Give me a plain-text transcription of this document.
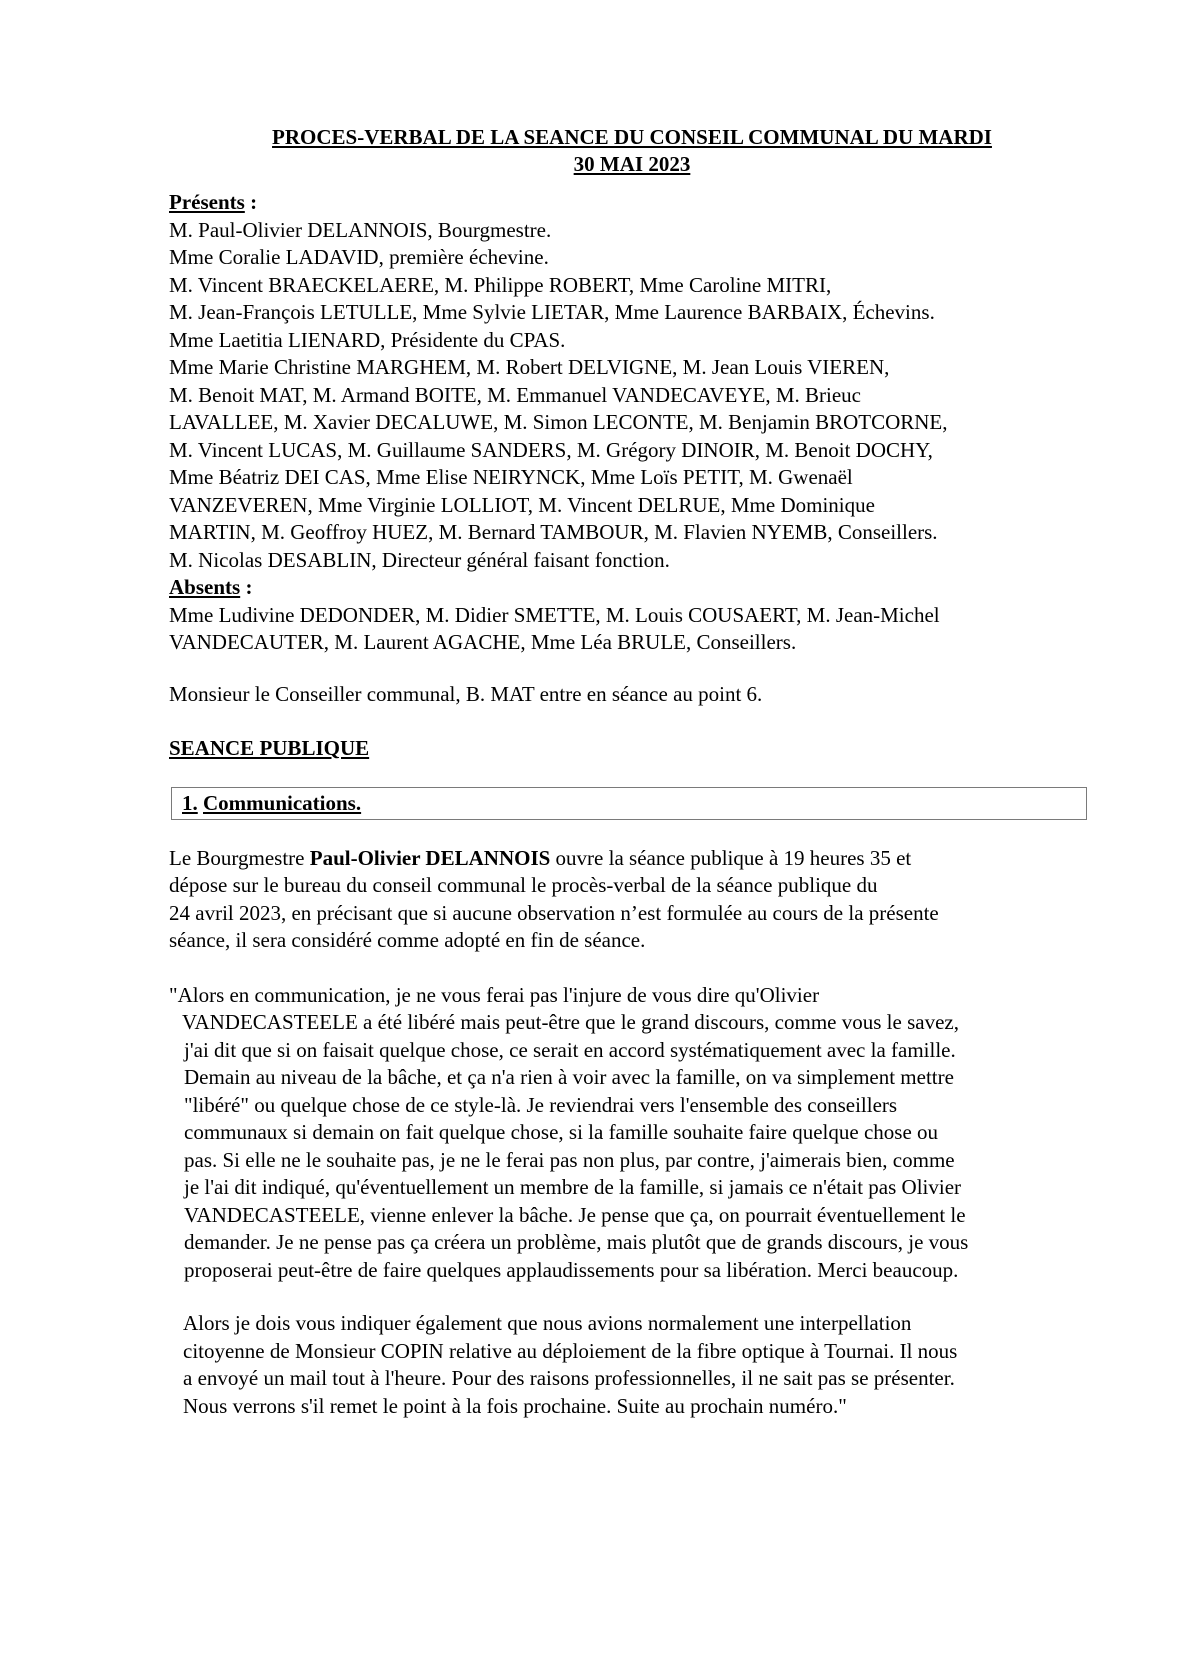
PROCES-VERBAL DE LA SEANCE DU CONSEIL COMMUNAL DU MARDI
30 MAI 2023
Présents :
M. Paul-Olivier DELANNOIS, Bourgmestre.
Mme Coralie LADAVID, première échevine.
M. Vincent BRAECKELAERE, M. Philippe ROBERT, Mme Caroline MITRI,
M. Jean-François LETULLE, Mme Sylvie LIETAR, Mme Laurence BARBAIX, Échevins.
Mme Laetitia LIENARD, Présidente du CPAS.
Mme Marie Christine MARGHEM, M. Robert DELVIGNE, M. Jean Louis VIEREN,
M. Benoit MAT, M. Armand BOITE, M. Emmanuel VANDECAVEYE, M. Brieuc
LAVALLEE, M. Xavier DECALUWE, M. Simon LECONTE, M. Benjamin BROTCORNE,
M. Vincent LUCAS, M. Guillaume SANDERS, M. Grégory DINOIR, M. Benoit DOCHY,
Mme Béatriz DEI CAS, Mme Elise NEIRYNCK, Mme Loïs PETIT, M. Gwenaël
VANZEVEREN, Mme Virginie LOLLIOT, M. Vincent DELRUE, Mme Dominique
MARTIN, M. Geoffroy HUEZ, M. Bernard TAMBOUR, M. Flavien NYEMB, Conseillers.
M. Nicolas DESABLIN, Directeur général faisant fonction.
Absents :
Mme Ludivine DEDONDER, M. Didier SMETTE, M. Louis COUSAERT, M. Jean-Michel
VANDECAUTER, M. Laurent AGACHE, Mme Léa BRULE, Conseillers.
Monsieur le Conseiller communal, B. MAT entre en séance au point 6.
SEANCE PUBLIQUE
1. Communications.
Le Bourgmestre Paul-Olivier DELANNOIS ouvre la séance publique à 19 heures 35 et
dépose sur le bureau du conseil communal le procès-verbal de la séance publique du
24 avril 2023, en précisant que si aucune observation n’est formulée au cours de la présente
séance, il sera considéré comme adopté en fin de séance.
"Alors en communication, je ne vous ferai pas l'injure de vous dire qu'Olivier
VANDECASTEELE a été libéré mais peut-être que le grand discours, comme vous le savez,
j'ai dit que si on faisait quelque chose, ce serait en accord systématiquement avec la famille.
Demain au niveau de la bâche, et ça n'a rien à voir avec la famille, on va simplement mettre
"libéré" ou quelque chose de ce style-là. Je reviendrai vers l'ensemble des conseillers
communaux si demain on fait quelque chose, si la famille souhaite faire quelque chose ou
pas. Si elle ne le souhaite pas, je ne le ferai pas non plus, par contre, j'aimerais bien, comme
je l'ai dit indiqué, qu'éventuellement un membre de la famille, si jamais ce n'était pas Olivier
VANDECASTEELE, vienne enlever la bâche. Je pense que ça, on pourrait éventuellement le
demander. Je ne pense pas ça créera un problème, mais plutôt que de grands discours, je vous
proposerai peut-être de faire quelques applaudissements pour sa libération. Merci beaucoup.
Alors je dois vous indiquer également que nous avions normalement une interpellation
citoyenne de Monsieur COPIN relative au déploiement de la fibre optique à Tournai. Il nous
a envoyé un mail tout à l'heure. Pour des raisons professionnelles, il ne sait pas se présenter.
Nous verrons s'il remet le point à la fois prochaine. Suite au prochain numéro."
